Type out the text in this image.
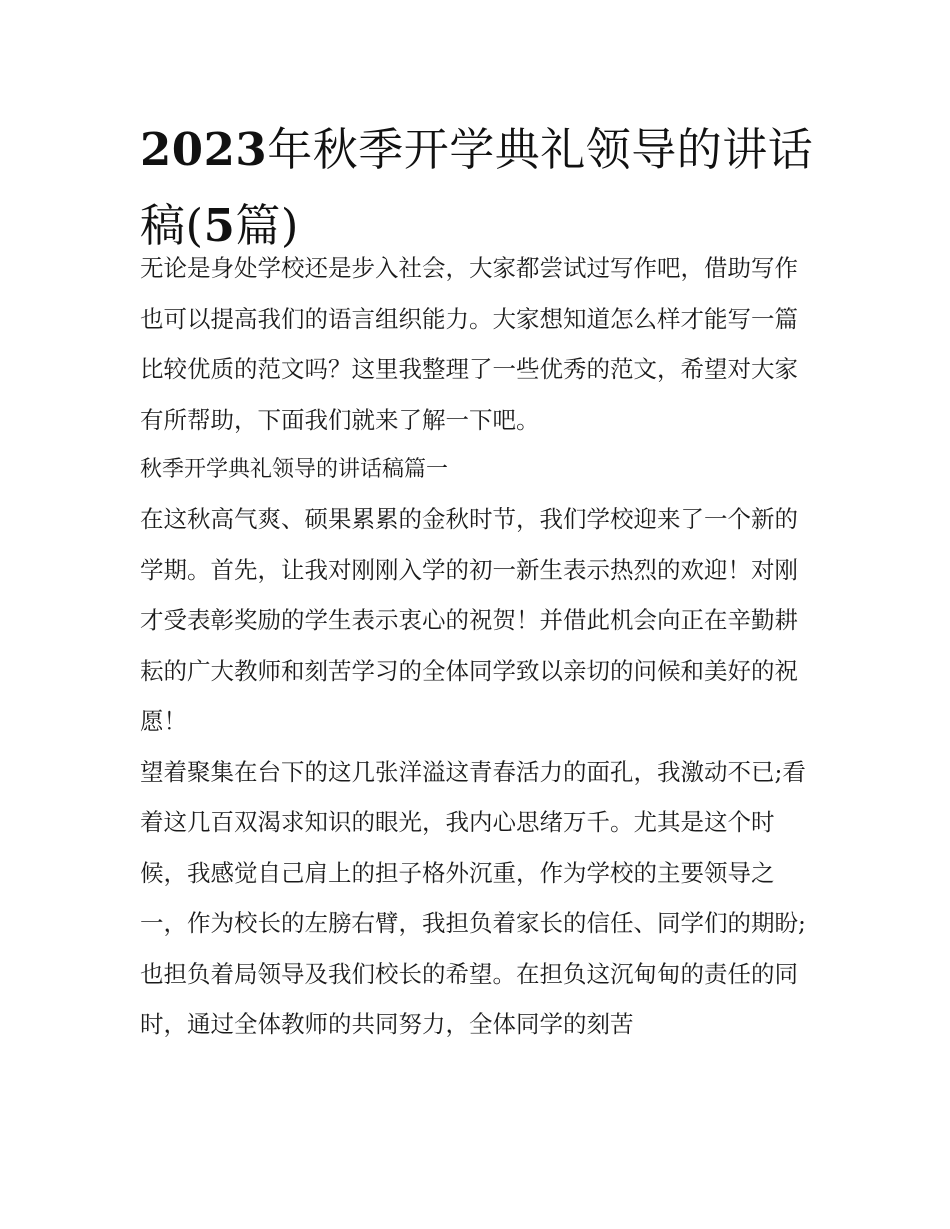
2023年秋季开学典礼领导的讲话稿(5篇)

无论是身处学校还是步入社会，大家都尝试过写作吧，借助写作也可以提高我们的语言组织能力。大家想知道怎么样才能写一篇比较优质的范文吗？这里我整理了一些优秀的范文，希望对大家有所帮助，下面我们就来了解一下吧。

秋季开学典礼领导的讲话稿篇一

在这秋高气爽、硕果累累的金秋时节，我们学校迎来了一个新的学期。首先，让我对刚刚入学的初一新生表示热烈的欢迎！对刚才受表彰奖励的学生表示衷心的祝贺！并借此机会向正在辛勤耕耘的广大教师和刻苦学习的全体同学致以亲切的问候和美好的祝愿！

望着聚集在台下的这几张洋溢这青春活力的面孔，我激动不已;看着这几百双渴求知识的眼光，我内心思绪万千。尤其是这个时候，我感觉自己肩上的担子格外沉重，作为学校的主要领导之一，作为校长的左膀右臂，我担负着家长的信任、同学们的期盼;也担负着局领导及我们校长的希望。在担负这沉甸甸的责任的同时，通过全体教师的共同努力，全体同学的刻苦
